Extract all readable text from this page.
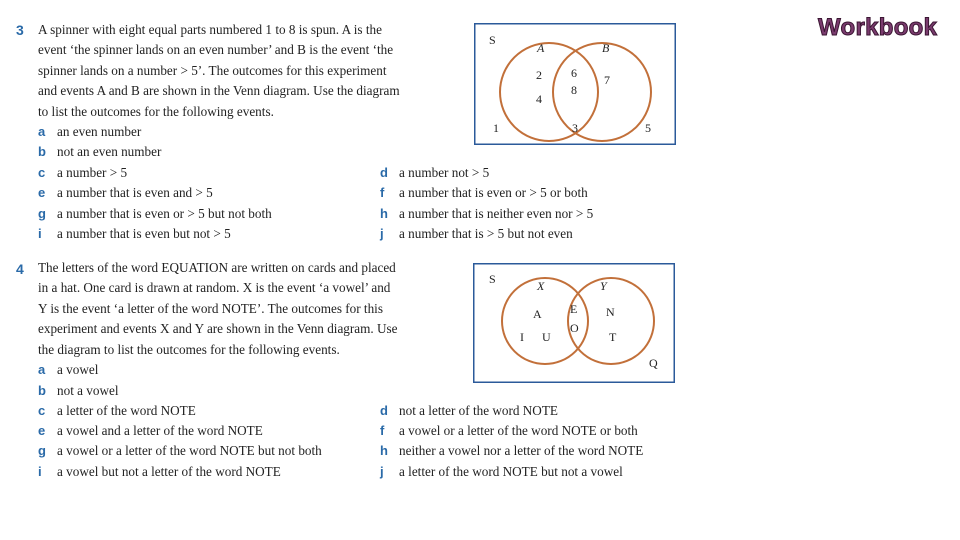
Workbook
3 A spinner with eight equal parts numbered 1 to 8 is spun. A is the
event ‘the spinner lands on an even number’ and B is the event ‘the
spinner lands on a number > 5’. The outcomes for this experiment
and events A and B are shown in the Venn diagram. Use the diagram
to list the outcomes for the following events.

a an even number
b not an even number
c a number > 5
e a number that is even and > 5
g a number that is even or > 5 but not both
i a number that is even but not > 5
d a number not > 5
f a number that is even or > 5 or both
h a number that is neither even nor > 5
j a number that is > 5 but not even
S
A	B
2
4
6
8
7
1	3	5
4 The letters of the word EQUATION are written on cards and placed
in a hat. One card is drawn at random. X is the event ‘a vowel’ and
Y is the event ‘a letter of the word NOTE’. The outcomes for this
experiment and events X and Y are shown in the Venn diagram. Use
the diagram to list the outcomes for the following events.

a a vowel
b not a vowel
c a letter of the word NOTE
e a vowel and a letter of the word NOTE
g a vowel or a letter of the word NOTE but not both
i a vowel but not a letter of the word NOTE
d not a letter of the word NOTE
f a vowel or a letter of the word NOTE or both
h neither a vowel nor a letter of the word NOTE
j a letter of the word NOTE but not a vowel
S	X	Y
A
I U
E
O
N
T
Q
